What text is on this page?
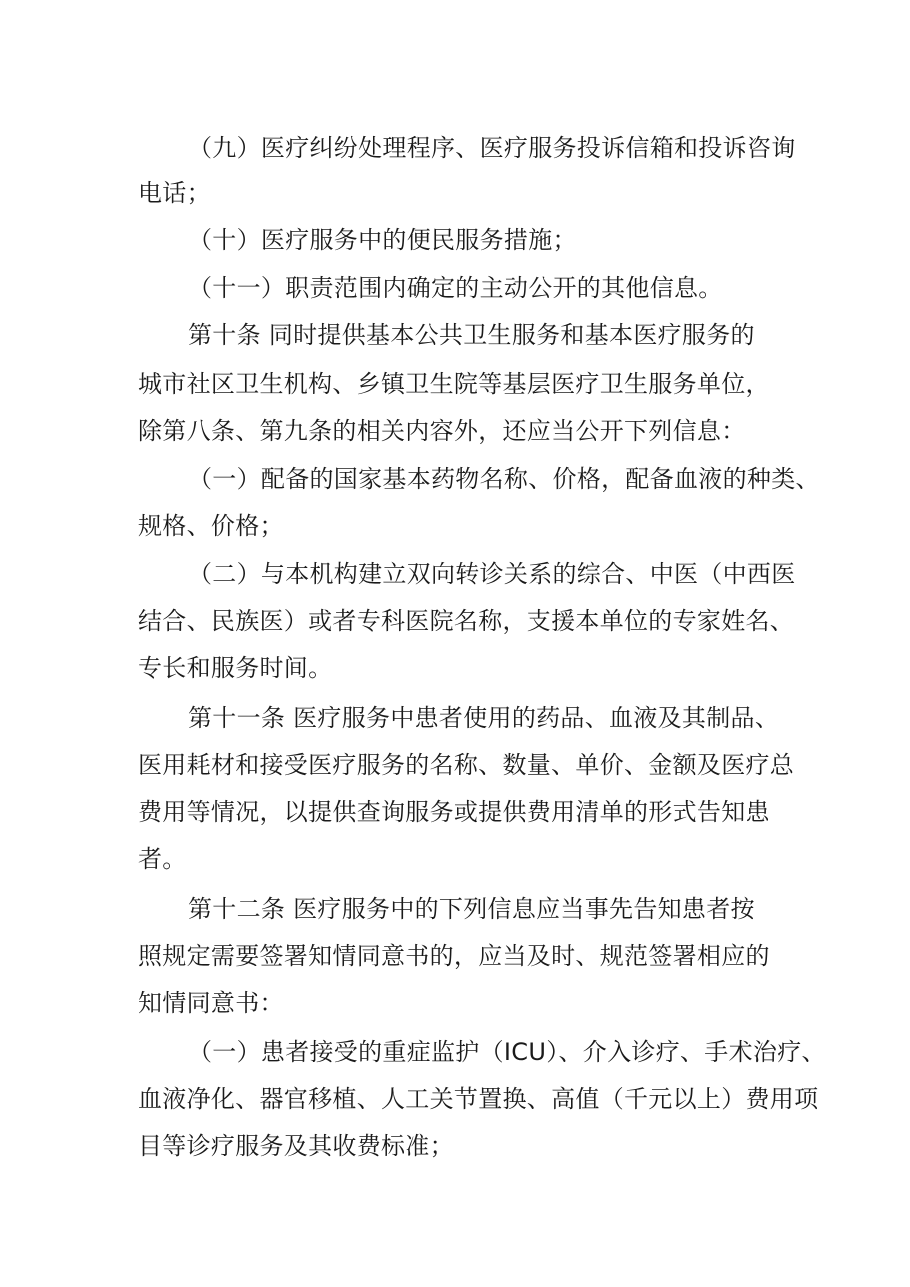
（九）医疗纠纷处理程序、医疗服务投诉信箱和投诉咨询
电话；
（十）医疗服务中的便民服务措施；
（十一）职责范围内确定的主动公开的其他信息。
第十条 同时提供基本公共卫生服务和基本医疗服务的
城市社区卫生机构、乡镇卫生院等基层医疗卫生服务单位，
除第八条、第九条的相关内容外，还应当公开下列信息：
（一）配备的国家基本药物名称、价格，配备血液的种类、
规格、价格；
（二）与本机构建立双向转诊关系的综合、中医（中西医
结合、民族医）或者专科医院名称，支援本单位的专家姓名、
专长和服务时间。
第十一条 医疗服务中患者使用的药品、血液及其制品、
医用耗材和接受医疗服务的名称、数量、单价、金额及医疗总
费用等情况，以提供查询服务或提供费用清单的形式告知患
者。
第十二条 医疗服务中的下列信息应当事先告知患者按
照规定需要签署知情同意书的，应当及时、规范签署相应的
知情同意书：
（一）患者接受的重症监护（ICU）、介入诊疗、手术治疗、
血液净化、器官移植、人工关节置换、高值（千元以上）费用项
目等诊疗服务及其收费标准；
